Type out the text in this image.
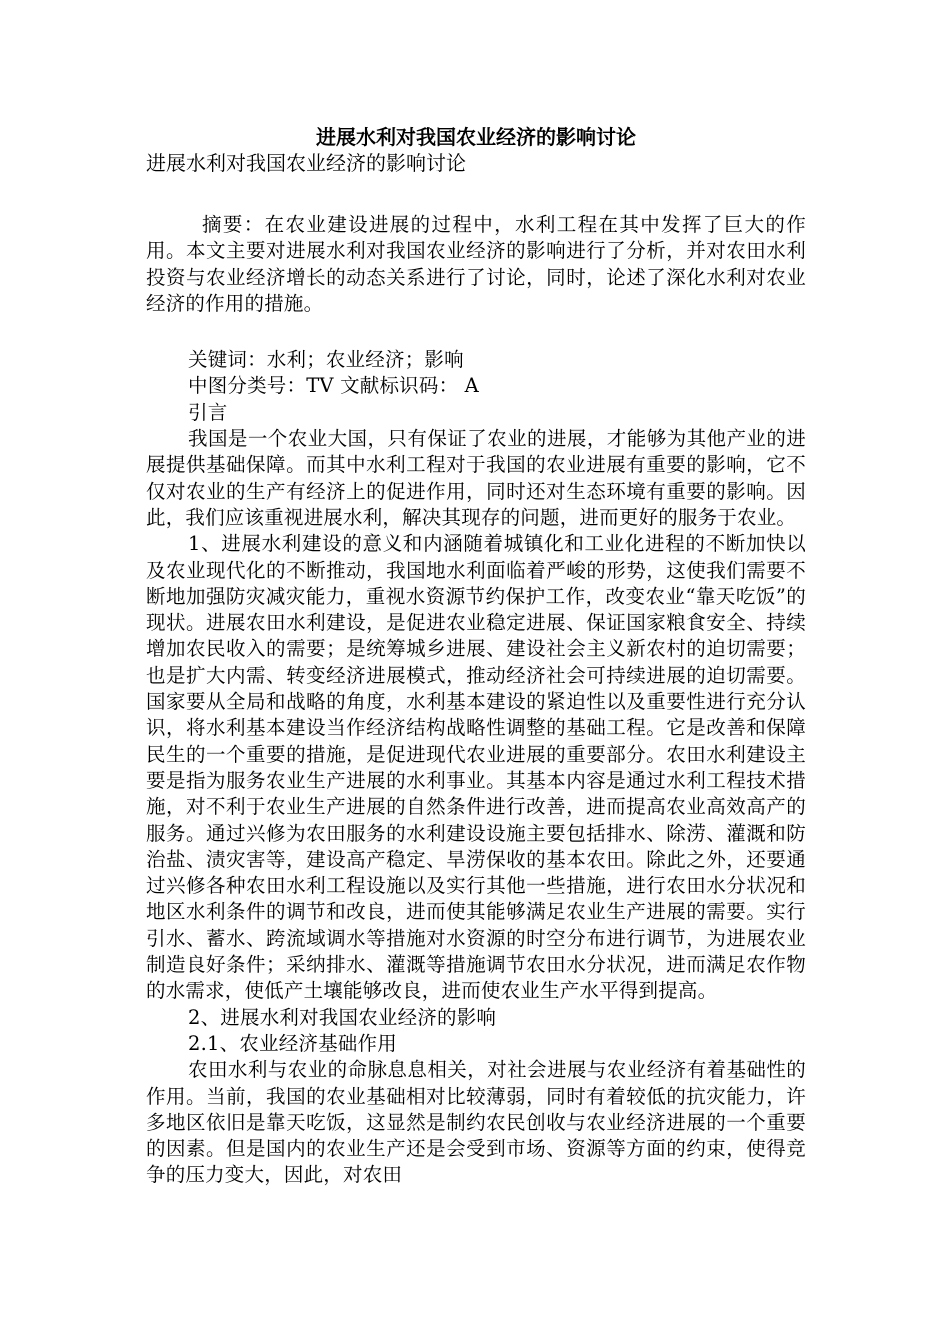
进展水利对我国农业经济的影响讨论

进展水利对我国农业经济的影响讨论

摘要：在农业建设进展的过程中，水利工程在其中发挥了巨大的作用。本文主要对进展水利对我国农业经济的影响进行了分析，并对农田水利投资与农业经济增长的动态关系进行了讨论，同时，论述了深化水利对农业经济的作用的措施。

关键词：水利；农业经济；影响

中图分类号：TV 文献标识码： A

引言

我国是一个农业大国，只有保证了农业的进展，才能够为其他产业的进展提供基础保障。而其中水利工程对于我国的农业进展有重要的影响，它不仅对农业的生产有经济上的促进作用，同时还对生态环境有重要的影响。因此，我们应该重视进展水利，解决其现存的问题，进而更好的服务于农业。

1、进展水利建设的意义和内涵随着城镇化和工业化进程的不断加快以及农业现代化的不断推动，我国地水利面临着严峻的形势，这使我们需要不断地加强防灾减灾能力，重视水资源节约保护工作，改变农业“靠天吃饭”的现状。进展农田水利建设，是促进农业稳定进展、保证国家粮食安全、持续增加农民收入的需要；是统筹城乡进展、建设社会主义新农村的迫切需要；也是扩大内需、转变经济进展模式，推动经济社会可持续进展的迫切需要。国家要从全局和战略的角度，水利基本建设的紧迫性以及重要性进行充分认识，将水利基本建设当作经济结构战略性调整的基础工程。它是改善和保障民生的一个重要的措施，是促进现代农业进展的重要部分。农田水利建设主要是指为服务农业生产进展的水利事业。其基本内容是通过水利工程技术措施，对不利于农业生产进展的自然条件进行改善，进而提高农业高效高产的服务。通过兴修为农田服务的水利建设设施主要包括排水、除涝、灌溉和防治盐、渍灾害等，建设高产稳定、旱涝保收的基本农田。除此之外，还要通过兴修各种农田水利工程设施以及实行其他一些措施，进行农田水分状况和地区水利条件的调节和改良，进而使其能够满足农业生产进展的需要。实行引水、蓄水、跨流域调水等措施对水资源的时空分布进行调节，为进展农业制造良好条件；采纳排水、灌溉等措施调节农田水分状况，进而满足农作物的水需求，使低产土壤能够改良，进而使农业生产水平得到提高。

2、进展水利对我国农业经济的影响

2.1、农业经济基础作用

农田水利与农业的命脉息息相关，对社会进展与农业经济有着基础性的作用。当前，我国的农业基础相对比较薄弱，同时有着较低的抗灾能力，许多地区依旧是靠天吃饭，这显然是制约农民创收与农业经济进展的一个重要的因素。但是国内的农业生产还是会受到市场、资源等方面的约束，使得竞争的压力变大，因此，对农田
